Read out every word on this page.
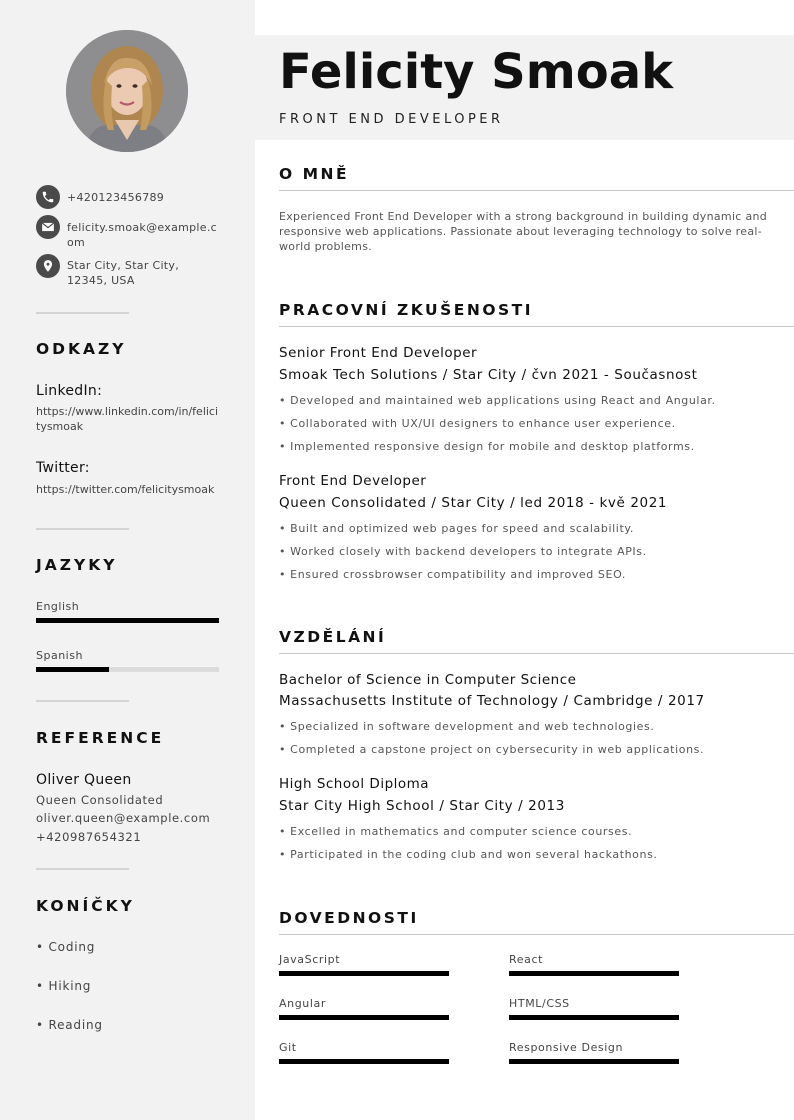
+420123456789
felicity.smoak@example.com
Star City, Star City, 12345, USA
ODKAZY
LinkedIn:
https://www.linkedin.com/in/felicitysmoak
Twitter:
https://twitter.com/felicitysmoak
JAZYKY
English
Spanish
REFERENCE
Oliver Queen
Queen Consolidated
oliver.queen@example.com
+420987654321
KONÍČKY
• Coding
• Hiking
• Reading
Felicity Smoak
FRONT END DEVELOPER
O MNĚ
Experienced Front End Developer with a strong background in building dynamic and responsive web applications. Passionate about leveraging technology to solve real-world problems.
PRACOVNÍ ZKUŠENOSTI
Senior Front End Developer
Smoak Tech Solutions / Star City / čvn 2021 - Současnost
• Developed and maintained web applications using React and Angular.
• Collaborated with UX/UI designers to enhance user experience.
• Implemented responsive design for mobile and desktop platforms.
Front End Developer
Queen Consolidated / Star City / led 2018 - kvě 2021
• Built and optimized web pages for speed and scalability.
• Worked closely with backend developers to integrate APIs.
• Ensured crossbrowser compatibility and improved SEO.
VZDĚLÁNÍ
Bachelor of Science in Computer Science
Massachusetts Institute of Technology / Cambridge / 2017
• Specialized in software development and web technologies.
• Completed a capstone project on cybersecurity in web applications.
High School Diploma
Star City High School / Star City / 2013
• Excelled in mathematics and computer science courses.
• Participated in the coding club and won several hackathons.
DOVEDNOSTI
JavaScript	React
Angular	HTML/CSS
Git	Responsive Design
